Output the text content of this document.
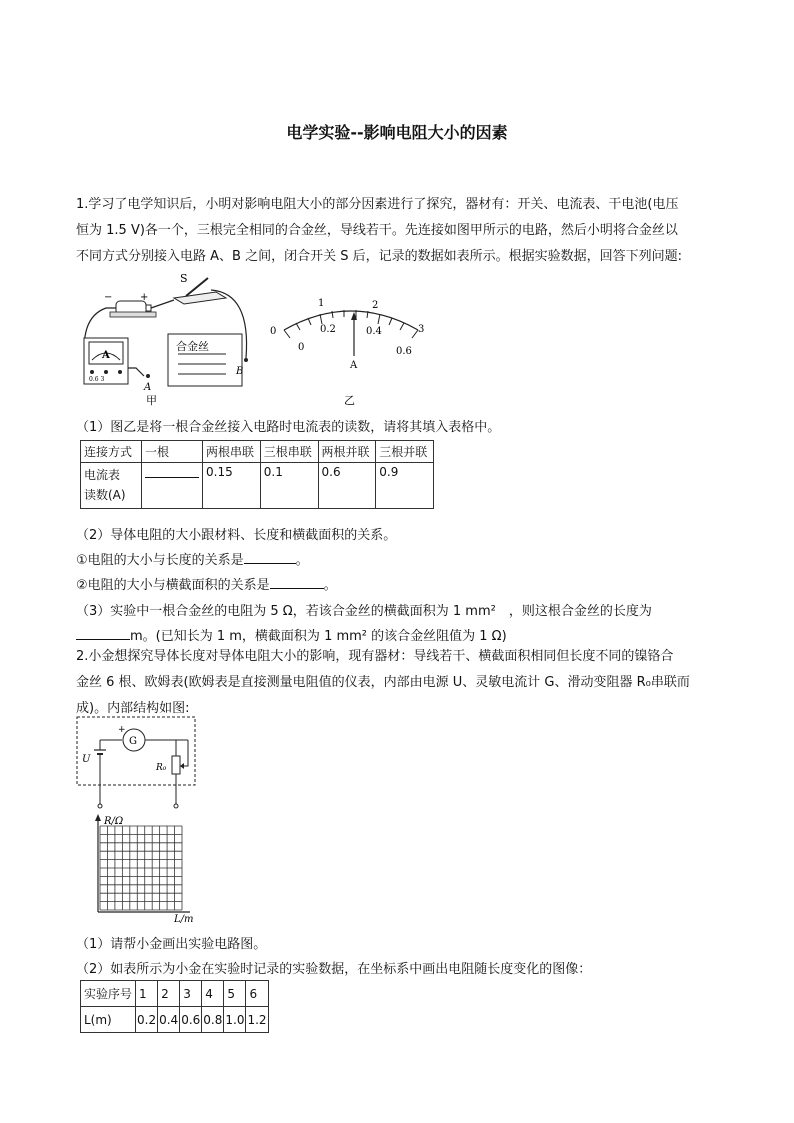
电学实验--影响电阻大小的因素
1.学习了电学知识后，小明对影响电阻大小的部分因素进行了探究，器材有：开关、电流表、干电池(电压
恒为 1.5 V)各一个，三根完全相同的合金丝，导线若干。先连接如图甲所示的电路，然后小明将合金丝以
不同方式分别接入电路 A、B 之间，闭合开关 S 后，记录的数据如表所示。根据实验数据，回答下列问题:
−	+
S
A
0.6 3
合金丝
A
B
甲
0
1	2
3
0
0.2	0.4
0.6
A
乙
（1）图乙是将一根合金丝接入电路时电流表的读数，请将其填入表格中。
连接方式	一根	两根串联	三根串联	两根并联	三根并联
电流表
读数(A)		0.15	0.1	0.6	0.9
（2）导体电阻的大小跟材料、长度和横截面积的关系。
①电阻的大小与长度的关系是	。
②电阻的大小与横截面积的关系是	。
（3）实验中一根合金丝的电阻为 5 Ω，若该合金丝的横截面积为 1 mm²　，则这根合金丝的长度为
m。(已知长为 1 m，横截面积为 1 mm² 的该合金丝阻值为 1 Ω)
2.小金想探究导体长度对导体电阻大小的影响，现有器材：导线若干、横截面积相同但长度不同的镍铬合
金丝 6 根、欧姆表(欧姆表是直接测量电阻值的仪表，内部由电源 U、灵敏电流计 G、滑动变阻器 R₀串联而
成)。内部结构如图:
G
+
U
R₀
R/Ω
L/m
（1）请帮小金画出实验电路图。
（2）如表所示为小金在实验时记录的实验数据，在坐标系中画出电阻随长度变化的图像：
实验序号	1	2	3	4	5	6
L(m)	0.2	0.4	0.6	0.8	1.0	1.2
